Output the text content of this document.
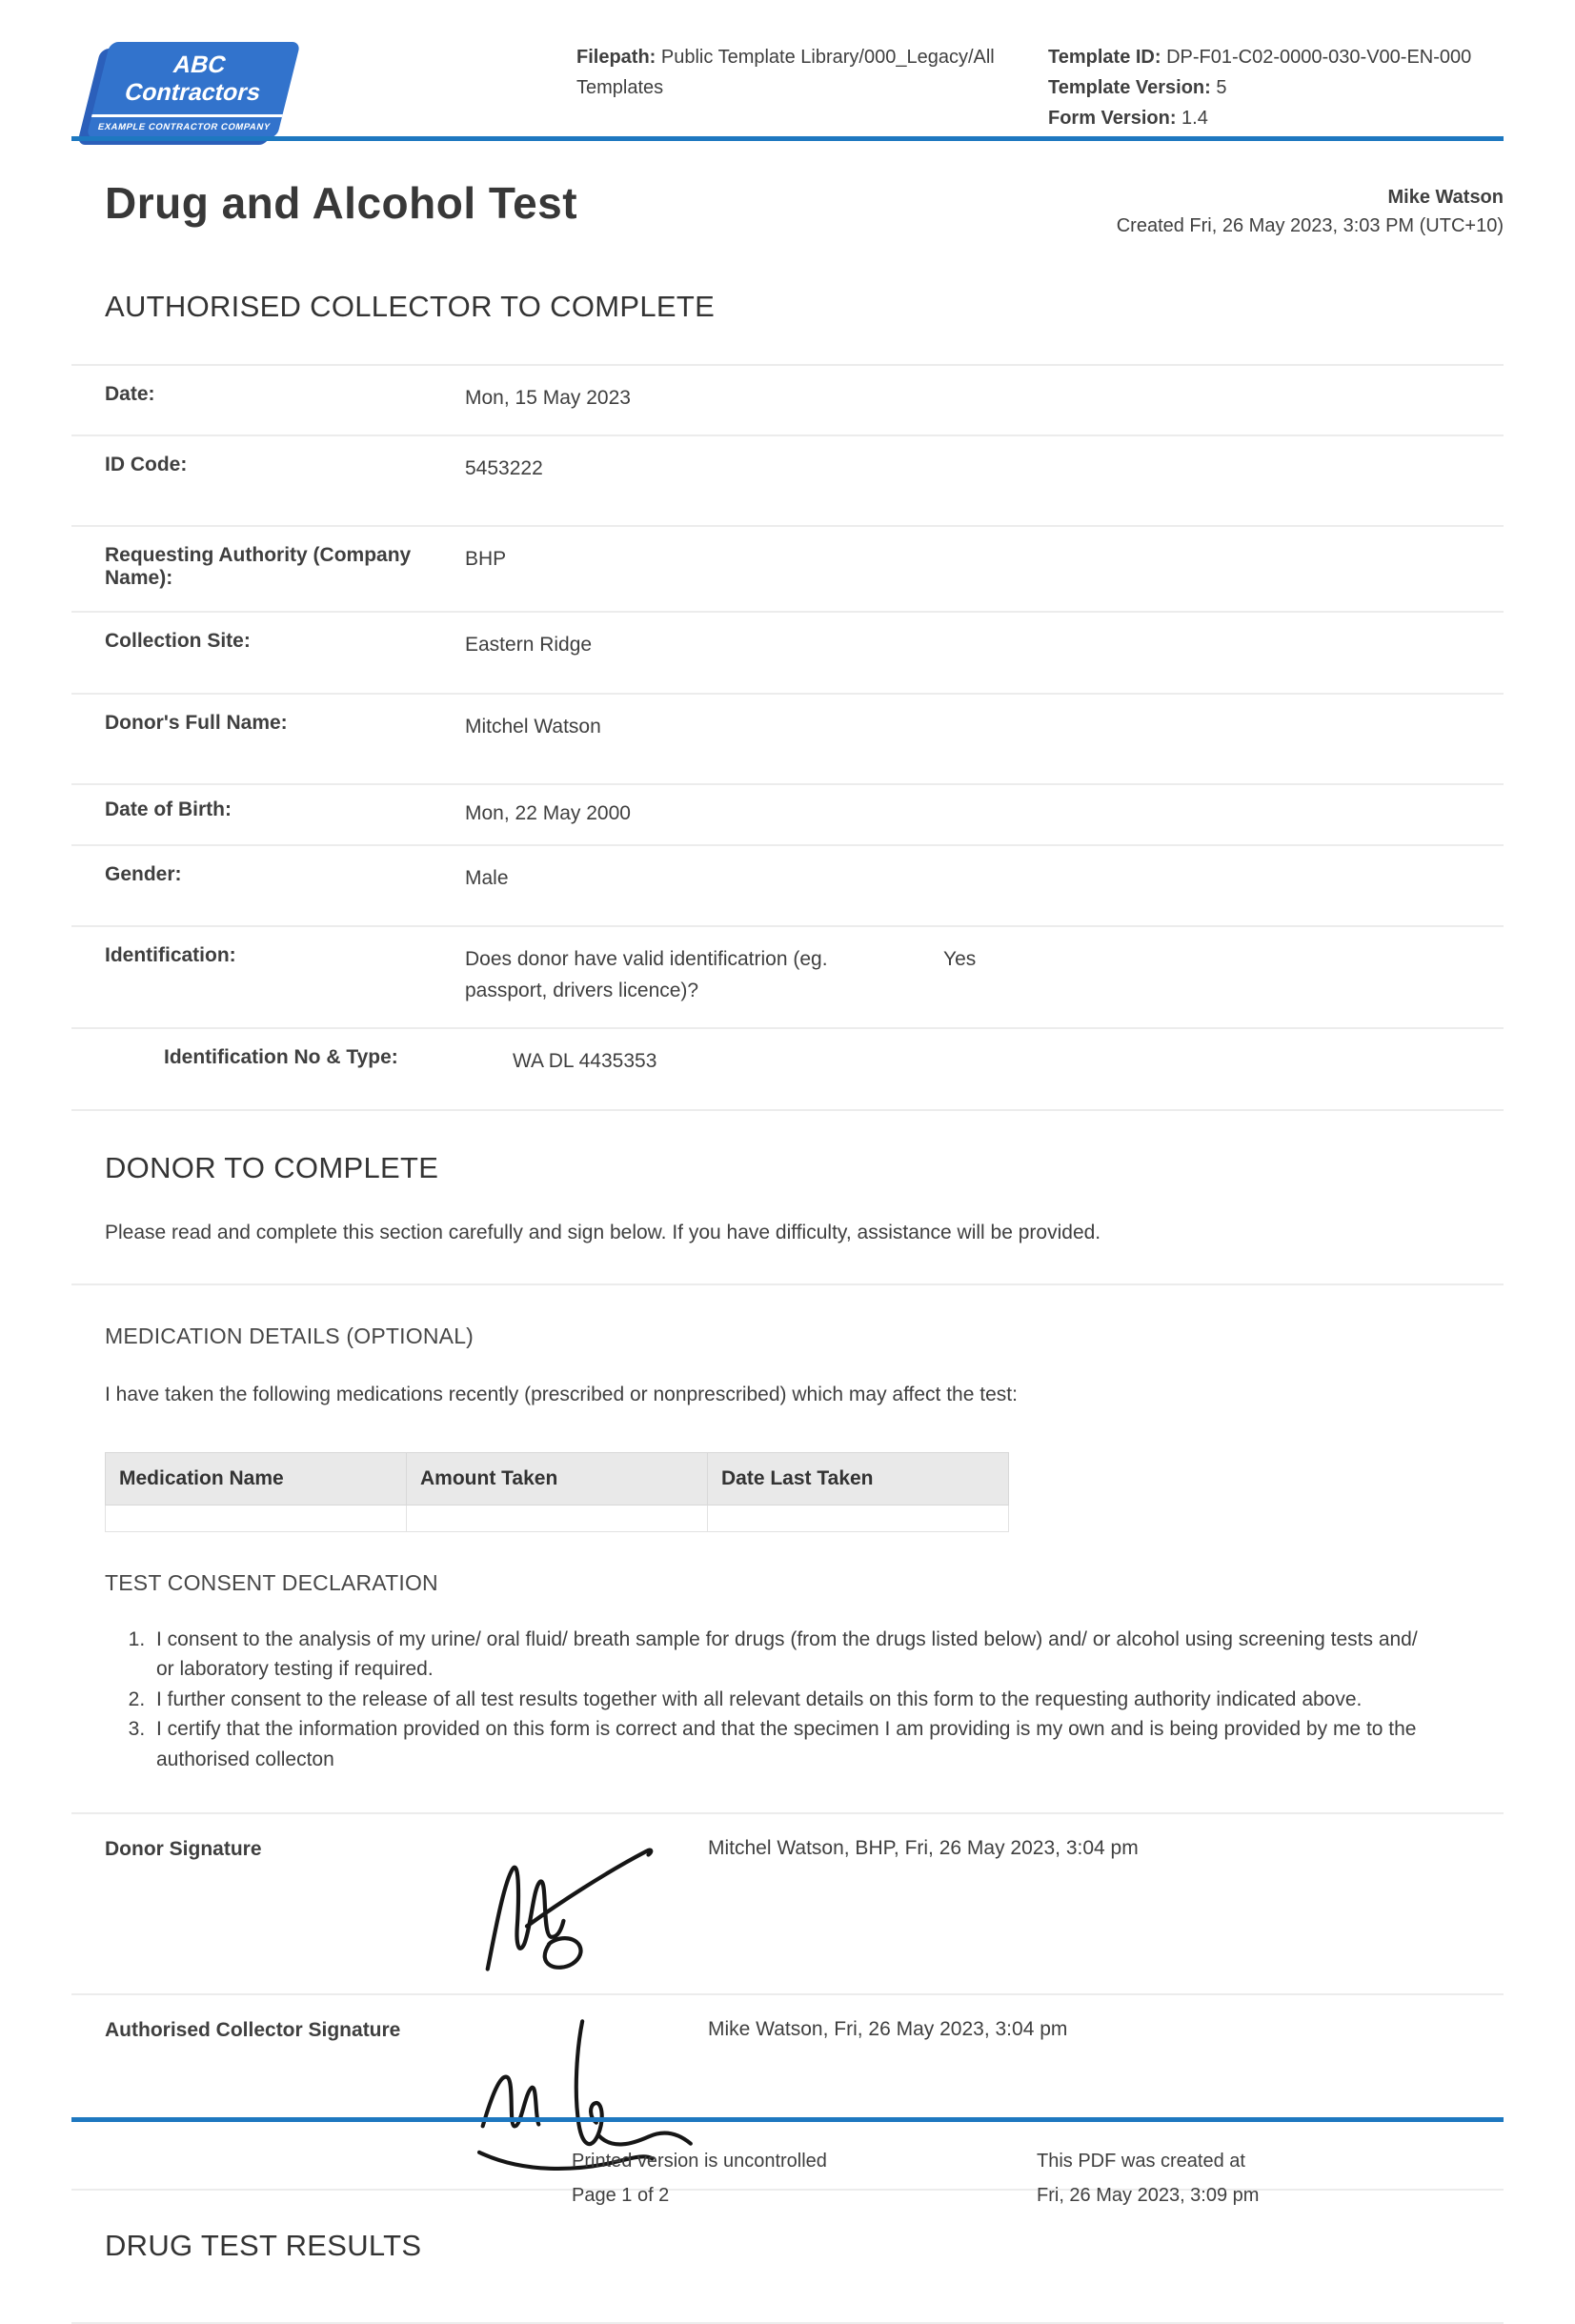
ABC Contractors
EXAMPLE CONTRACTOR COMPANY
Filepath: Public Template Library/000_Legacy/All Templates
Template ID: DP-F01-C02-0000-030-V00-EN-000
Template Version: 5
Form Version: 1.4
Drug and Alcohol Test	Mike Watson
Created Fri, 26 May 2023, 3:03 PM (UTC+10)
AUTHORISED COLLECTOR TO COMPLETE
Date:	Mon, 15 May 2023
ID Code:	5453222
Requesting Authority (Company Name):
BHP
Collection Site:	Eastern Ridge
Donor's Full Name:	Mitchel Watson
Date of Birth:	Mon, 22 May 2000
Gender:	Male
Identification:	Does donor have valid identificatrion (eg. passport, drivers licence)?
Yes
Identification No & Type:	WA DL 4435353
DONOR TO COMPLETE
Please read and complete this section carefully and sign below. If you have difficulty, assistance will be provided.
MEDICATION DETAILS (OPTIONAL)
I have taken the following medications recently (prescribed or nonprescribed) which may affect the test:
Medication Name	Amount Taken	Date Last Taken

TEST CONSENT DECLARATION
1. I consent to the analysis of my urine/ oral fluid/ breath sample for drugs (from the drugs listed below) and/ or alcohol using screening tests and/ or laboratory testing if required.
2. I further consent to the release of all test results together with all relevant details on this form to the requesting authority indicated above.
3. I certify that the information provided on this form is correct and that the specimen I am providing is my own and is being provided by me to the authorised collecton
Donor Signature	Mitchel Watson, BHP, Fri, 26 May 2023, 3:04 pm
Authorised Collector Signature	Mike Watson, Fri, 26 May 2023, 3:04 pm
DRUG TEST RESULTS
Printed version is uncontrolled
Page 1 of 2
This PDF was created at
Fri, 26 May 2023, 3:09 pm
